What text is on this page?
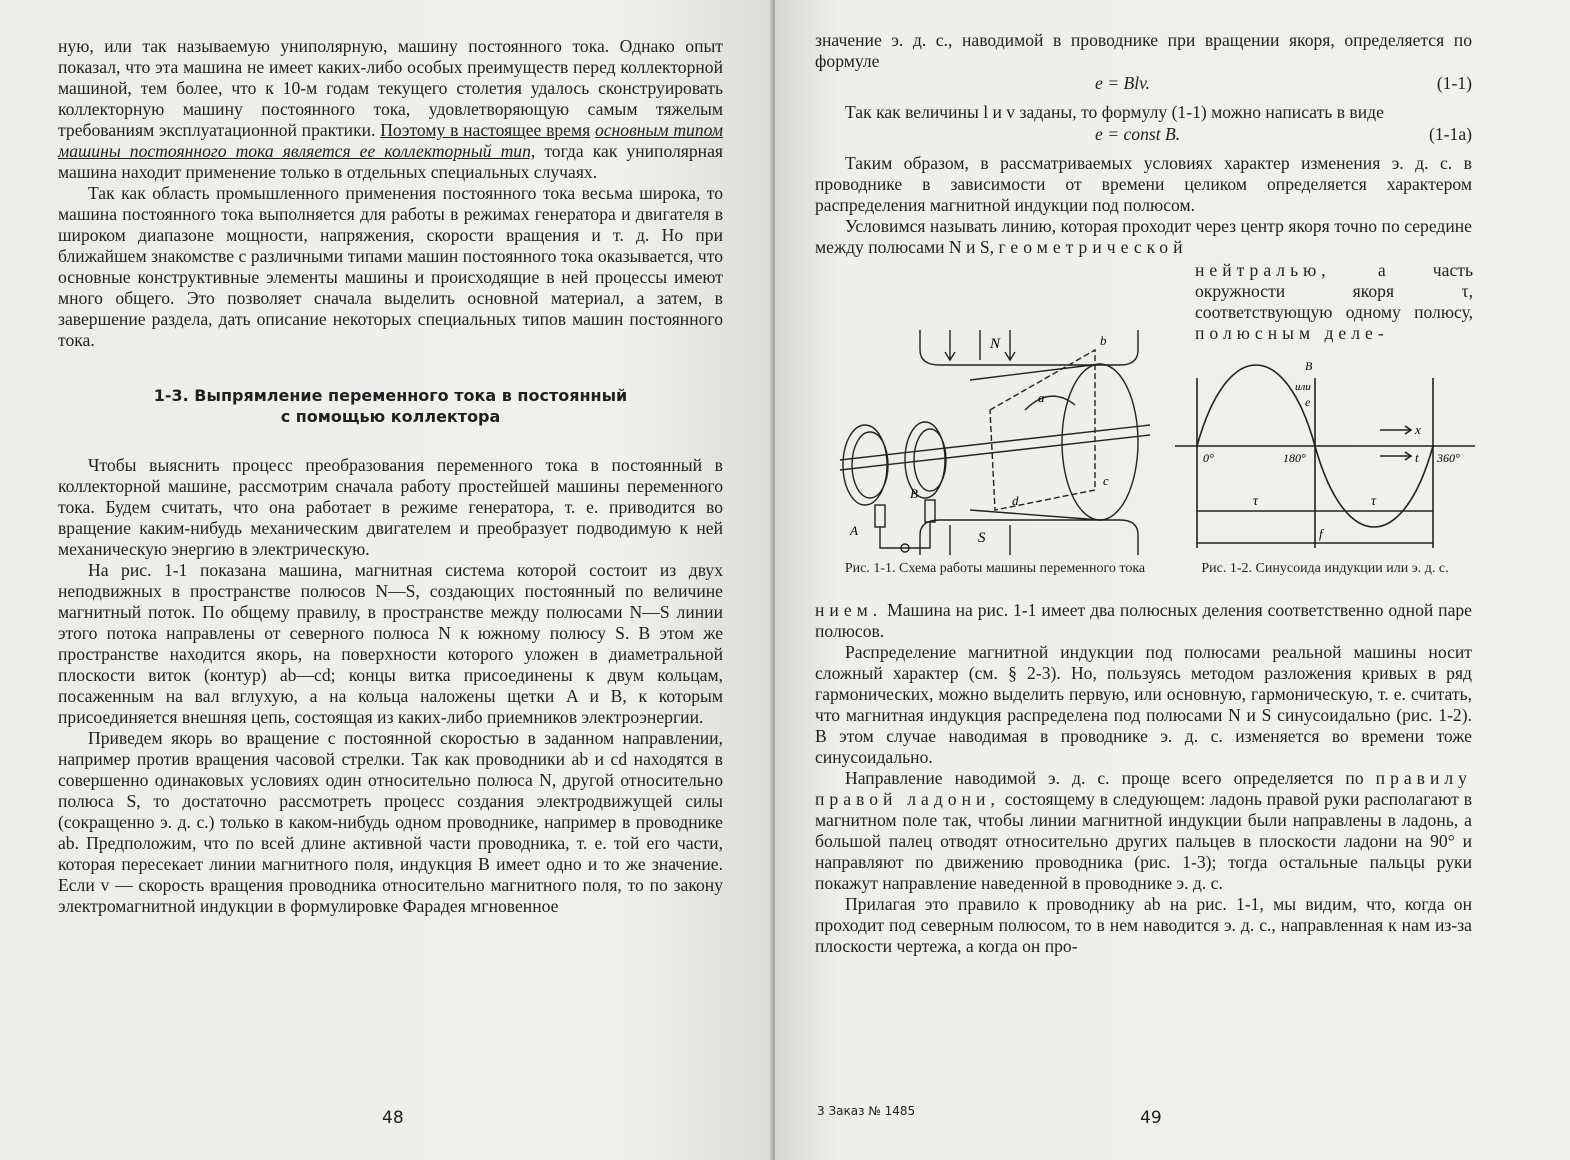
ную, или так называемую униполярную, машину постоянного тока. Однако опыт показал, что эта машина не имеет каких-либо особых преимуществ перед коллекторной машиной, тем более, что к 10-м годам текущего столетия удалось сконструировать коллекторную машину постоянного тока, удовлетворяющую самым тяжелым требованиям эксплуатационной практики. Поэтому в настоящее время основным типом машины постоянного тока является ее коллекторный тип, тогда как униполярная машина находит применение только в отдельных специальных случаях.

Так как область промышленного применения постоянного тока весьма широка, то машина постоянного тока выполняется для работы в режимах генератора и двигателя в широком диапазоне мощности, напряжения, скорости вращения и т. д. Но при ближайшем знакомстве с различными типами машин постоянного тока оказывается, что основные конструктивные элементы машины и происходящие в ней процессы имеют много общего. Это позволяет сначала выделить основной материал, а затем, в завершение раздела, дать описание некоторых специальных типов машин постоянного тока.

1-3. Выпрямление переменного тока в постоянный
с помощью коллектора

Чтобы выяснить процесс преобразования переменного тока в постоянный в коллекторной машине, рассмотрим сначала работу простейшей машины переменного тока. Будем считать, что она работает в режиме генератора, т. е. приводится во вращение каким-нибудь механическим двигателем и преобразует подводимую к ней механическую энергию в электрическую.

На рис. 1-1 показана машина, магнитная система которой состоит из двух неподвижных в пространстве полюсов N—S, создающих постоянный по величине магнитный поток. По общему правилу, в пространстве между полюсами N—S линии этого потока направлены от северного полюса N к южному полюсу S. В этом же пространстве находится якорь, на поверхности которого уложен в диаметральной плоскости виток (контур) ab—cd; концы витка присоединены к двум кольцам, посаженным на вал вглухую, а на кольца наложены щетки A и B, к которым присоединяется внешняя цепь, состоящая из каких-либо приемников электроэнергии.

Приведем якорь во вращение с постоянной скоростью в заданном направлении, например против вращения часовой стрелки. Так как проводники ab и cd находятся в совершенно одинаковых условиях один относительно полюса N, другой относительно полюса S, то достаточно рассмотреть процесс создания электродвижущей силы (сокращенно э. д. с.) только в каком-нибудь одном проводнике, например в проводнике ab. Предположим, что по всей длине активной части проводника, т. е. той его части, которая пересекает линии магнитного поля, индукция B имеет одно и то же значение. Если v — скорость вращения проводника относительно магнитного поля, то по закону электромагнитной индукции в формулировке Фарадея мгновенное

48

значение э. д. с., наводимой в проводнике при вращении якоря, определяется по формуле

e = Blv.	(1-1)

Так как величины l и v заданы, то формулу (1-1) можно написать в виде

e = const B.	(1-1а)

Таким образом, в рассматриваемых условиях характер изменения э. д. с. в проводнике в зависимости от времени целиком определяется характером распределения магнитной индукции под полюсом.

Условимся называть линию, которая проходит через центр якоря точно по середине между полюсами N и S, геометрической

нейтралью,	а часть окружности якоря τ, соответствующую одному полюсу, полюсным деле-

N
S
a
b
c
d
A
B
B
или
e
x
t
0°	180°	360°
τ	τ
f
Рис. 1-1. Схема работы машины переменного тока	Рис. 1-2. Синусоида индукции или э. д. с.

нием. Машина на рис. 1-1 имеет два полюсных деления соответственно одной паре полюсов.

Распределение магнитной индукции под полюсами реальной машины носит сложный характер (см. § 2-3). Но, пользуясь методом разложения кривых в ряд гармонических, можно выделить первую, или основную, гармоническую, т. е. считать, что магнитная индукция распределена под полюсами N и S синусоидально (рис. 1-2). В этом случае наводимая в проводнике э. д. с. изменяется во времени тоже синусоидально.

Направление наводимой э. д. с. проще всего определяется по правилу правой ладони, состоящему в следующем: ладонь правой руки располагают в магнитном поле так, чтобы линии магнитной индукции были направлены в ладонь, а большой палец отводят относительно других пальцев в плоскости ладони на 90° и направляют по движению проводника (рис. 1-3); тогда остальные пальцы руки покажут направление наведенной в проводнике э. д. с.

Прилагая это правило к проводнику ab на рис. 1-1, мы видим, что, когда он проходит под северным полюсом, то в нем наводится э. д. с., направленная к нам из-за плоскости чертежа, а когда он про-

3 Заказ № 1485	49
